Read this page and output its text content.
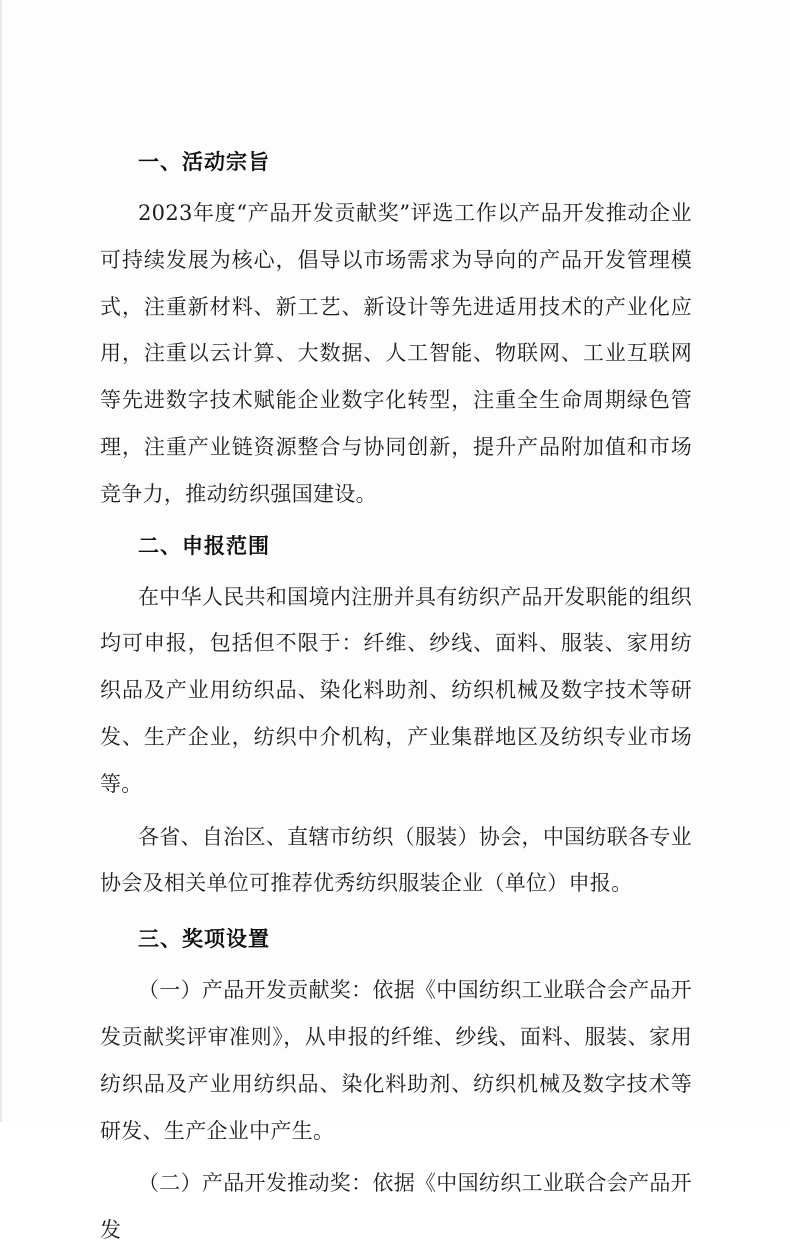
一、活动宗旨

2023年度“产品开发贡献奖”评选工作以产品开发推动企业可持续发展为核心，倡导以市场需求为导向的产品开发管理模式，注重新材料、新工艺、新设计等先进适用技术的产业化应用，注重以云计算、大数据、人工智能、物联网、工业互联网等先进数字技术赋能企业数字化转型，注重全生命周期绿色管理，注重产业链资源整合与协同创新，提升产品附加值和市场竞争力，推动纺织强国建设。

二、申报范围

在中华人民共和国境内注册并具有纺织产品开发职能的组织均可申报，包括但不限于：纤维、纱线、面料、服装、家用纺织品及产业用纺织品、染化料助剂、纺织机械及数字技术等研发、生产企业，纺织中介机构，产业集群地区及纺织专业市场等。

各省、自治区、直辖市纺织（服装）协会，中国纺联各专业协会及相关单位可推荐优秀纺织服装企业（单位）申报。

三、奖项设置

（一）产品开发贡献奖：依据《中国纺织工业联合会产品开发贡献奖评审准则》，从申报的纤维、纱线、面料、服装、家用纺织品及产业用纺织品、染化料助剂、纺织机械及数字技术等研发、生产企业中产生。

（二）产品开发推动奖：依据《中国纺织工业联合会产品开发
